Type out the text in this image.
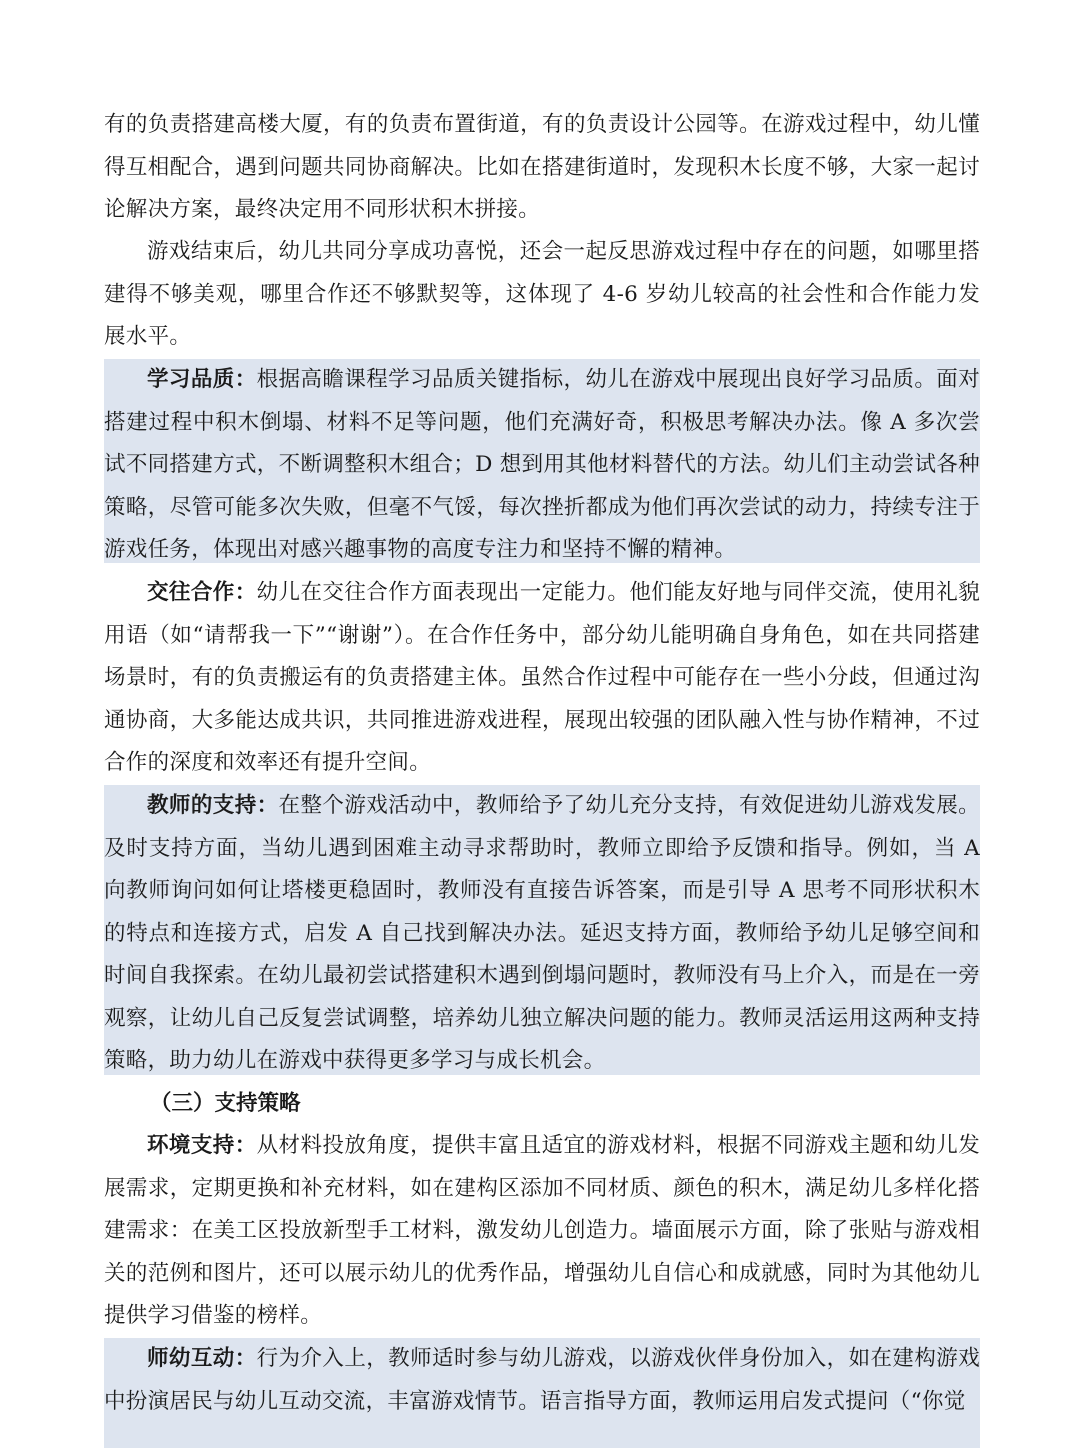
有的负责搭建高楼大厦，有的负责布置街道，有的负责设计公园等。在游戏过程中，幼儿懂得互相配合，遇到问题共同协商解决。比如在搭建街道时，发现积木长度不够，大家一起讨论解决方案，最终决定用不同形状积木拼接。

游戏结束后，幼儿共同分享成功喜悦，还会一起反思游戏过程中存在的问题，如哪里搭建得不够美观，哪里合作还不够默契等，这体现了 4-6 岁幼儿较高的社会性和合作能力发展水平。

学习品质：根据高瞻课程学习品质关键指标，幼儿在游戏中展现出良好学习品质。面对搭建过程中积木倒塌、材料不足等问题，他们充满好奇，积极思考解决办法。像 A 多次尝试不同搭建方式，不断调整积木组合；D 想到用其他材料替代的方法。幼儿们主动尝试各种策略，尽管可能多次失败，但毫不气馁，每次挫折都成为他们再次尝试的动力，持续专注于游戏任务，体现出对感兴趣事物的高度专注力和坚持不懈的精神。
交往合作：幼儿在交往合作方面表现出一定能力。他们能友好地与同伴交流，使用礼貌用语（如“请帮我一下”“谢谢”）。在合作任务中，部分幼儿能明确自身角色，如在共同搭建场景时，有的负责搬运有的负责搭建主体。虽然合作过程中可能存在一些小分歧，但通过沟通协商，大多能达成共识，共同推进游戏进程，展现出较强的团队融入性与协作精神，不过合作的深度和效率还有提升空间。
教师的支持：在整个游戏活动中，教师给予了幼儿充分支持，有效促进幼儿游戏发展。及时支持方面，当幼儿遇到困难主动寻求帮助时，教师立即给予反馈和指导。例如，当 A 向教师询问如何让塔楼更稳固时，教师没有直接告诉答案，而是引导 A 思考不同形状积木的特点和连接方式，启发 A 自己找到解决办法。延迟支持方面，教师给予幼儿足够空间和时间自我探索。在幼儿最初尝试搭建积木遇到倒塌问题时，教师没有马上介入，而是在一旁观察，让幼儿自己反复尝试调整，培养幼儿独立解决问题的能力。教师灵活运用这两种支持策略，助力幼儿在游戏中获得更多学习与成长机会。

（三）支持策略

环境支持：从材料投放角度，提供丰富且适宜的游戏材料，根据不同游戏主题和幼儿发展需求，定期更换和补充材料，如在建构区添加不同材质、颜色的积木，满足幼儿多样化搭建需求：在美工区投放新型手工材料，激发幼儿创造力。墙面展示方面，除了张贴与游戏相关的范例和图片，还可以展示幼儿的优秀作品，增强幼儿自信心和成就感，同时为其他幼儿提供学习借鉴的榜样。
师幼互动：行为介入上，教师适时参与幼儿游戏，以游戏伙伴身份加入，如在建构游戏中扮演居民与幼儿互动交流，丰富游戏情节。语言指导方面，教师运用启发式提问（“你觉
